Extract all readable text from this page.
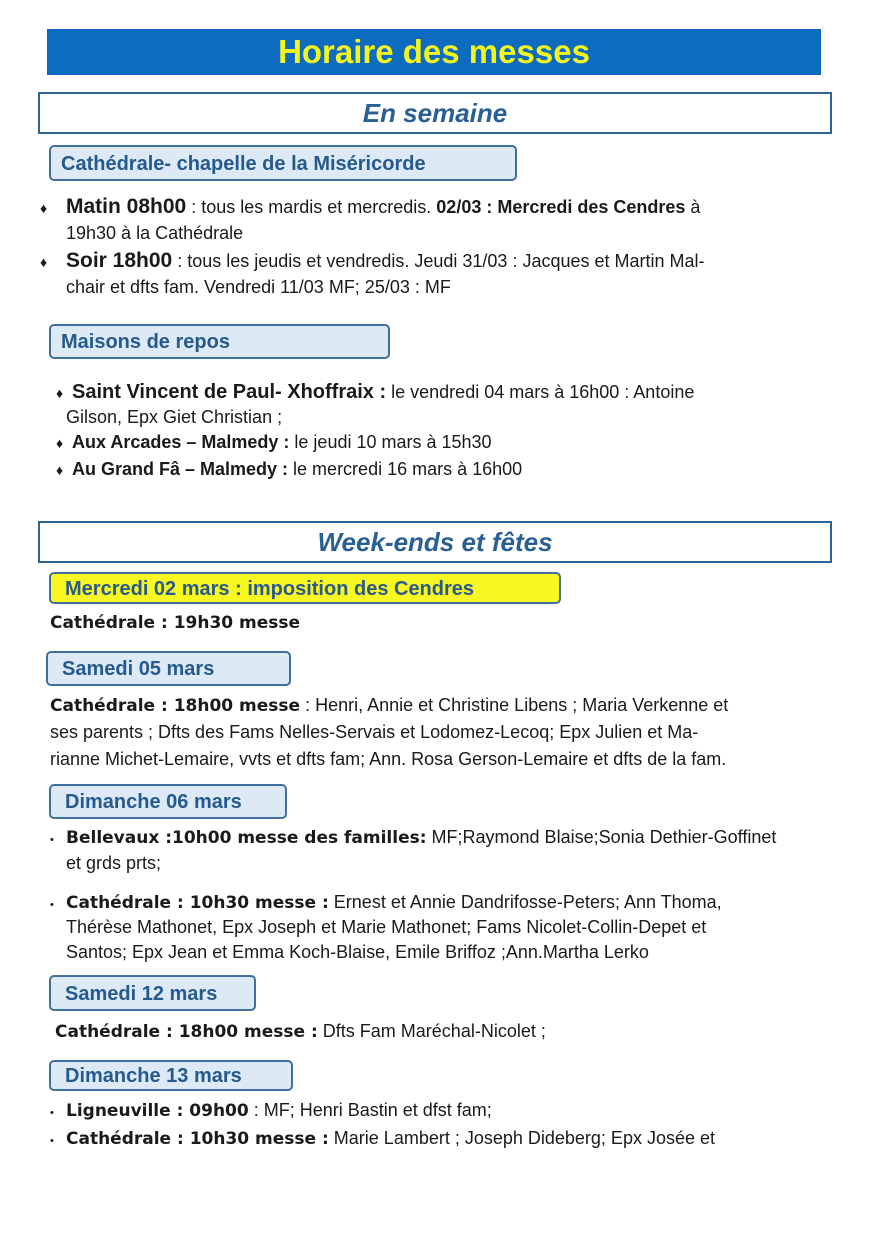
Horaire des messes
En semaine
Cathédrale- chapelle de la Miséricorde
♦ Matin 08h00 : tous les mardis et mercredis. 02/03 : Mercredi des Cendres à
19h30 à la Cathédrale
♦ Soir 18h00 : tous les jeudis et vendredis. Jeudi 31/03 : Jacques et Martin Mal-
chair et dfts fam. Vendredi 11/03 MF; 25/03 : MF
Maisons de repos
♦ Saint Vincent de Paul- Xhoffraix : le vendredi 04 mars à 16h00 : Antoine
Gilson, Epx Giet Christian ;
♦ Aux Arcades – Malmedy : le jeudi 10 mars à 15h30
♦ Au Grand Fâ – Malmedy : le mercredi 16 mars à 16h00
Week-ends et fêtes
Mercredi 02 mars : imposition des Cendres
Cathédrale : 19h30 messe
Samedi 05 mars
Cathédrale : 18h00 messe : Henri, Annie et Christine Libens ; Maria Verkenne et
ses parents ; Dfts des Fams Nelles-Servais et Lodomez-Lecoq; Epx Julien et Ma-
rianne Michet-Lemaire, vvts et dfts fam; Ann. Rosa Gerson-Lemaire et dfts de la fam.
Dimanche 06 mars
• Bellevaux :10h00 messe des familles: MF;Raymond Blaise;Sonia Dethier-Goffinet
et grds prts;
• Cathédrale : 10h30 messe : Ernest et Annie Dandrifosse-Peters; Ann Thoma,
Thérèse Mathonet, Epx Joseph et Marie Mathonet; Fams Nicolet-Collin-Depet et
Santos; Epx Jean et Emma Koch-Blaise, Emile Briffoz ;Ann.Martha Lerko
Samedi 12 mars
Cathédrale : 18h00 messe : Dfts Fam Maréchal-Nicolet ;
Dimanche 13 mars
• Ligneuville : 09h00 : MF; Henri Bastin et dfst fam;
• Cathédrale : 10h30 messe : Marie Lambert ; Joseph Dideberg; Epx Josée et
